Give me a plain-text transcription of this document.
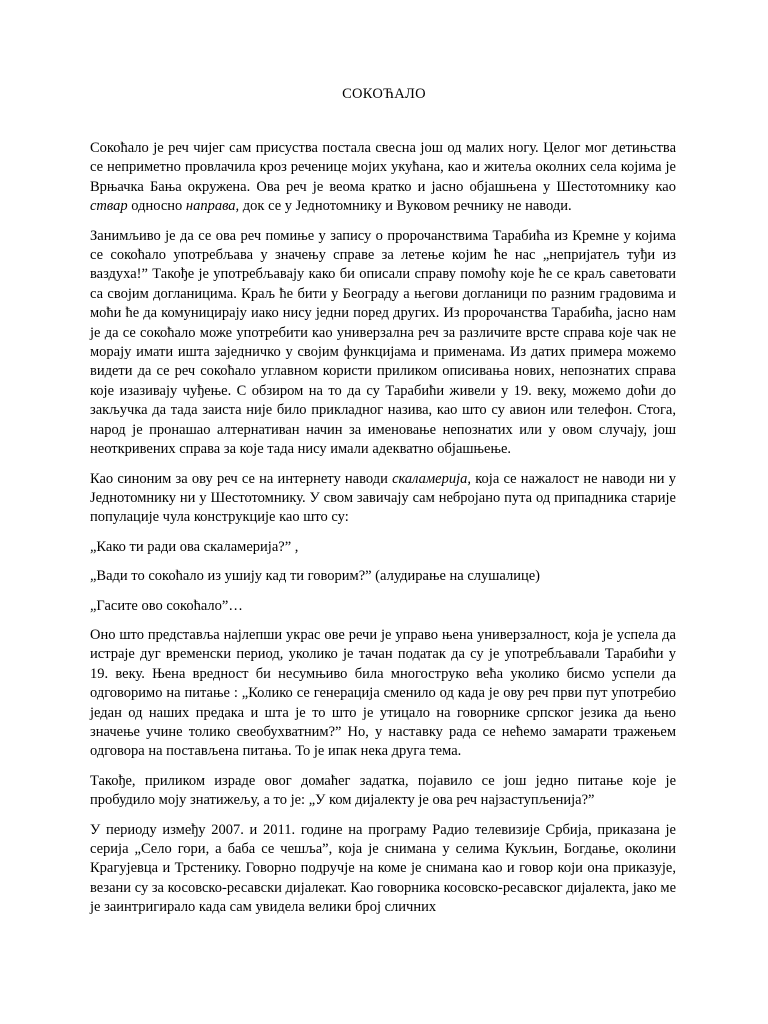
СОКОЋАЛО

Сокоћало је реч чијег сам присуства постала свесна још од малих ногу. Целог мог детињства се неприметно провлачила кроз реченице мојих укућана, као и житеља околних села којима је Врњачка Бања окружена. Ова реч је веома кратко и јасно објашњена у Шестотомнику као ствар односно направа, док се у Једнотомнику и Вуковом речнику не наводи.

Занимљиво је да се ова реч помиње у запису о пророчанствима Тарабића из Кремне у којима се сокоћало употребљава у значењу справе за летење којим ће нас „непријатељ туђи из ваздуха!” Такође је употребљавају како би описали справу помоћу које ће се краљ саветовати са својим догланицима. Краљ ће бити у Београду а његови догланици по разним градовима и моћи ће да комуницирају иако нису једни поред других. Из пророчанства Тарабића, јасно нам је да се сокоћало може употребити као универзална реч за различите врсте справа које чак не морају имати ишта заједничко у својим функцијама и применама. Из датих примера можемо видети да се реч сокоћало углавном користи приликом описивања нових, непознатих справа које изазивају чуђење. С обзиром на то да су Тарабићи живели у 19. веку, можемо доћи до закључка да тада заиста није било прикладног назива, као што су авион или телефон. Стога, народ је пронашао алтернативан начин за именовање непознатих или у овом случају, још неоткривених справа за које тада нису имали адекватно објашњење.

Као синоним за ову реч се на интернету наводи скаламерија, која се нажалост не наводи ни у Једнотомнику ни у Шестотомнику. У свом завичају сам небројано пута од припадника старије популације чула конструкције као што су:

„Како ти ради ова скаламерија?” ,

„Вади то сокоћало из ушију кад ти говорим?” (алудирање на слушалице)

„Гасите ово сокоћало”…

Оно што представља најлепши украс ове речи је управо њена универзалност, која је успела да истраје дуг временски период, уколико је тачан податак да су је употребљавали Тарабићи у 19. веку. Њена вредност би несумњиво била многоструко већа уколико бисмо успели да одговоримо на питање : „Колико се генерација сменило од када је ову реч први пут употребио један од наших предака и шта је то што је утицало на говорнике српског језика да њено значење учине толико свеобухватним?” Но, у наставку рада се нећемо замарати тражењем одговора на постављена питања. То је ипак нека друга тема.

Такође, приликом израде овог домаћег задатка, појавило се још једно питање које је пробудило моју знатижељу, а то је: „У ком дијалекту је ова реч најзаступљенија?”

У периоду између 2007. и 2011. године на програму Радио телевизије Србија, приказана је серија „Село гори, а баба се чешља”, која је снимана у селима Кукљин, Богдање, околини Крагујевца и Трстенику. Говорно подручје на коме је снимана као и говор који она приказује, везани су за косовско-ресавски дијалекат. Као говорника косовско-ресавског дијалекта, јако ме је заинтригирало када сам увидела велики број сличних
